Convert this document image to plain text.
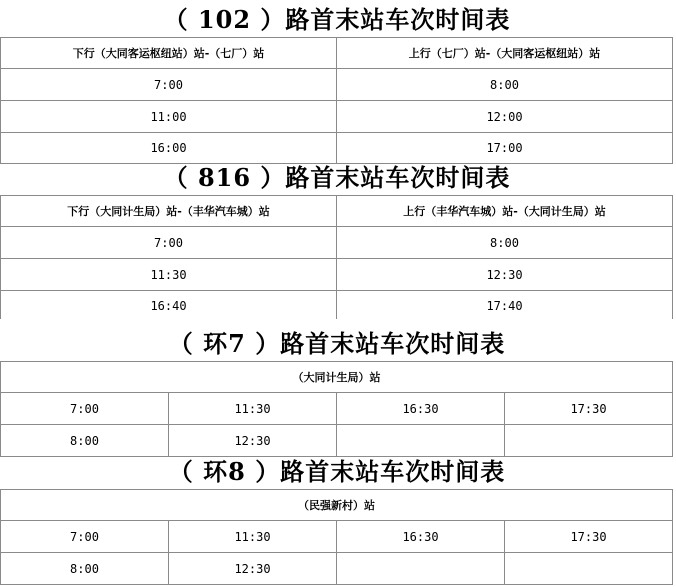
（ 102 ）路首末站车次时间表
下行（大同客运枢纽站）站-（七厂）站	上行（七厂）站-（大同客运枢纽站）站
7:00	8:00
11:00	12:00
16:00	17:00
（ 816 ）路首末站车次时间表
下行（大同计生局）站-（丰华汽车城）站	上行（丰华汽车城）站-（大同计生局）站
7:00	8:00
11:30	12:30
16:40	17:40
（ 环7 ）路首末站车次时间表
（大同计生局）站			
7:00	11:30	16:30	17:30
8:00	12:30		
（ 环8 ）路首末站车次时间表
（民强新村）站			
7:00	11:30	16:30	17:30
8:00	12:30		
